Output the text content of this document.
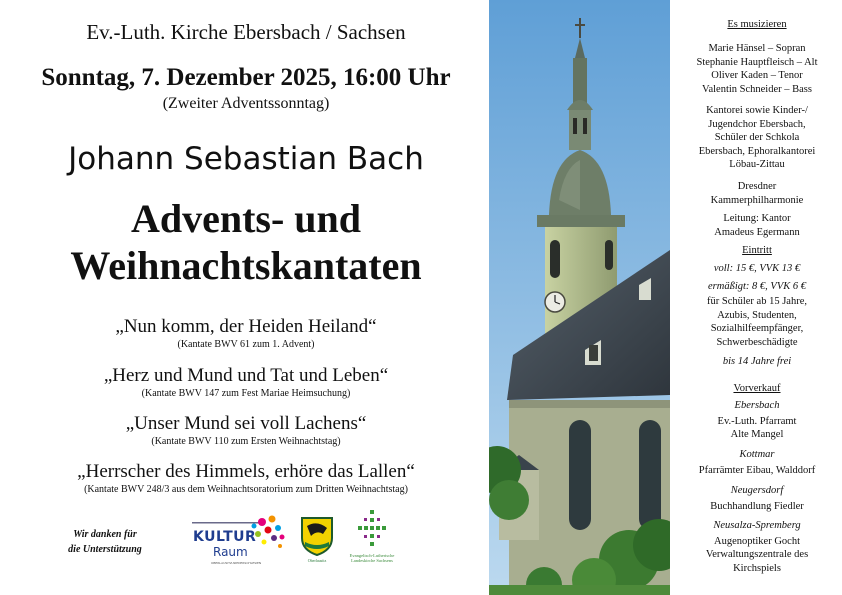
Ev.-Luth. Kirche Ebersbach / Sachsen
Sonntag, 7. Dezember 2025, 16:00 Uhr
(Zweiter Adventssonntag)
Johann Sebastian Bach
Advents- und
Weihnachtskantaten
„Nun komm, der Heiden Heiland“
(Kantate BWV 61 zum 1. Advent)
„Herz und Mund und Tat und Leben“
(Kantate BWV 147 zum Fest Mariae Heimsuchung)
„Unser Mund sei voll Lachens“
(Kantate BWV 110 zum Ersten Weihnachtstag)
„Herrscher des Himmels, erhöre das Lallen“
(Kantate BWV 248/3 aus dem Weihnachtsoratorium zum Dritten Weihnachtstag)
Wir danken für
die Unterstützung
KULTUR
Raum
OBERLAUSITZ-NIEDERSCHLESIEN	Oberlausitz
Evangelisch-Lutherische Landeskirche Sachsens
Es musizieren
Marie Hänsel – Sopran
Stephanie Hauptfleisch – Alt
Oliver Kaden – Tenor
Valentin Schneider – Bass
Kantorei sowie Kinder-/
Jugendchor Ebersbach,
Schüler der Schkola
Ebersbach, Ephoralkantorei
Löbau-Zittau
Dresdner
Kammerphilharmonie
Leitung: Kantor
Amadeus Egermann
Eintritt
voll: 15 €, VVK 13 €
ermäßigt: 8 €, VVK 6 €
für Schüler ab 15 Jahre,
Azubis, Studenten,
Sozialhilfeempfänger,
Schwerbeschädigte
bis 14 Jahre frei
Vorverkauf
Ebersbach
Ev.-Luth. Pfarramt
Alte Mangel
Kottmar
Pfarrämter Eibau, Walddorf
Neugersdorf
Buchhandlung Fiedler
Neusalza-Spremberg
Augenoptiker Gocht
Verwaltungszentrale des
Kirchspiels
